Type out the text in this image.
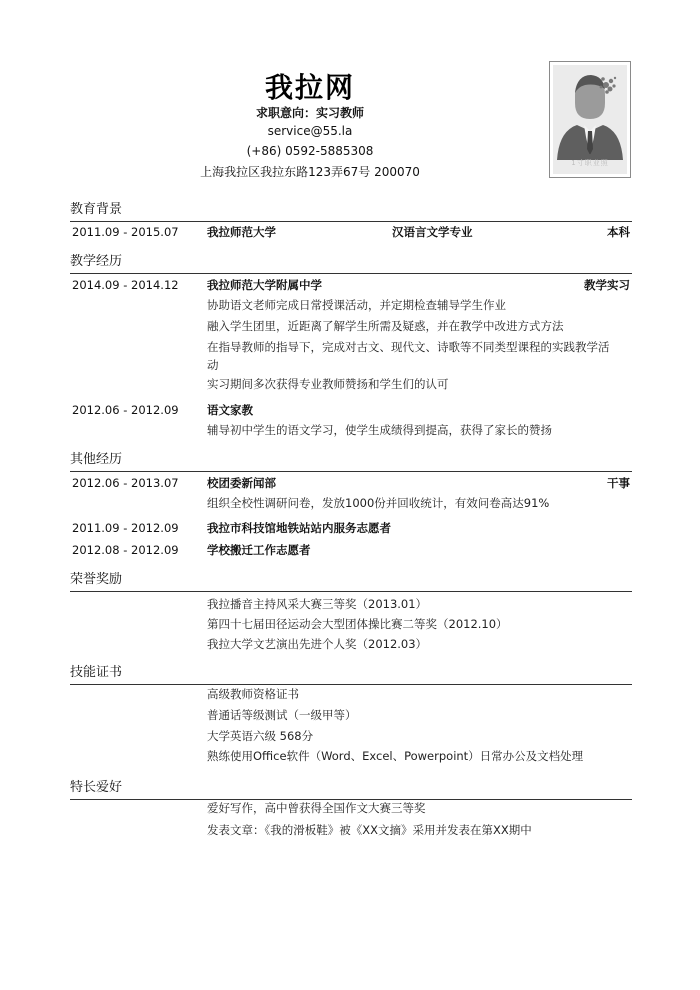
我拉网
求职意向：实习教师
service@55.la
(+86) 0592-5885308
上海我拉区我拉东路123弄67号 200070
1寸职业照
教育背景
2011.09 - 2015.07 我拉师范大学	汉语言文学专业	本科
教学经历
2014.09 - 2014.12 我拉师范大学附属中学	教学实习
协助语文老师完成日常授课活动，并定期检查辅导学生作业
融入学生团里，近距离了解学生所需及疑惑，并在教学中改进方式方法
在指导教师的指导下，完成对古文、现代文、诗歌等不同类型课程的实践教学活
动
实习期间多次获得专业教师赞扬和学生们的认可
2012.06 - 2012.09 语文家教
辅导初中学生的语文学习，使学生成绩得到提高，获得了家长的赞扬
其他经历
2012.06 - 2013.07 校团委新闻部	干事
组织全校性调研问卷，发放1000份并回收统计，有效问卷高达91%
2011.09 - 2012.09 我拉市科技馆地铁站站内服务志愿者
2012.08 - 2012.09 学校搬迁工作志愿者
荣誉奖励
我拉播音主持风采大赛三等奖（2013.01）
第四十七届田径运动会大型团体操比赛二等奖（2012.10）
我拉大学文艺演出先进个人奖（2012.03）
技能证书
高级教师资格证书
普通话等级测试（一级甲等）
大学英语六级 568分
熟练使用Office软件（Word、Excel、Powerpoint）日常办公及文档处理
特长爱好
爱好写作，高中曾获得全国作文大赛三等奖
发表文章：《我的滑板鞋》被《XX文摘》采用并发表在第XX期中
